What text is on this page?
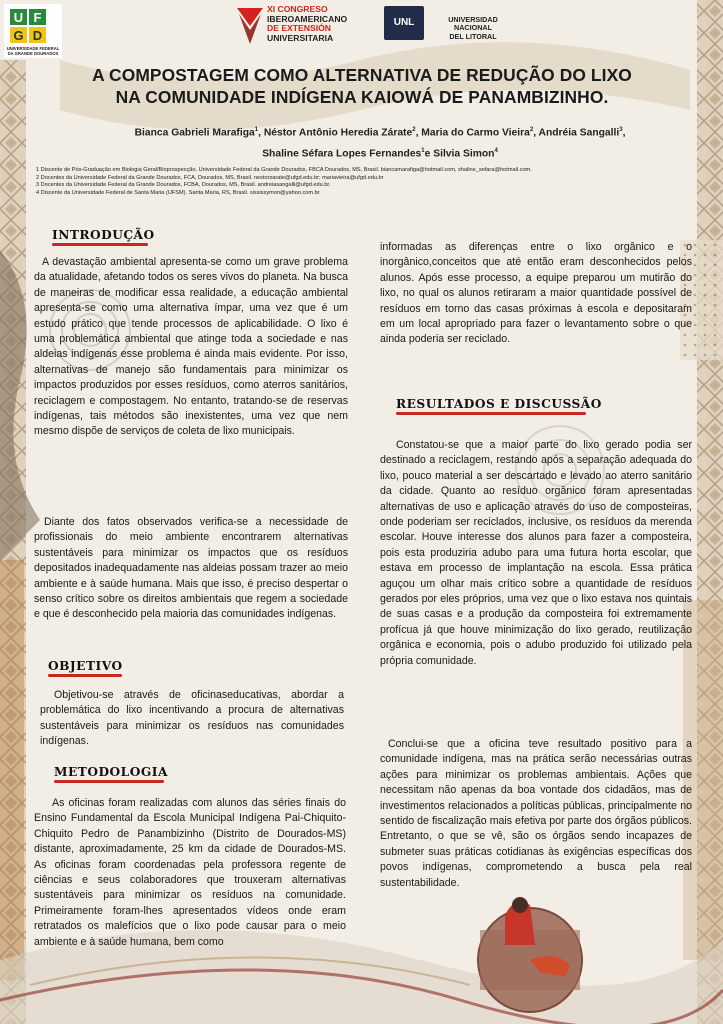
U F
G D
UNIVERSIDADE FEDERAL DA GRANDE DOURADOS
XI CONGRESO
IBEROAMERICANO
DE EXTENSIÓN
UNIVERSITARIA
UNL	UNIVERSIDAD NACIONAL
DEL LITORAL
A COMPOSTAGEM COMO ALTERNATIVA DE REDUÇÃO DO LIXO
NA COMUNIDADE INDÍGENA KAIOWÁ DE PANAMBIZINHO.
Bianca Gabrieli Marafiga$^1$, Néstor Antônio Heredia Zárate$^2$, Maria do Carmo Vieira$^2$, Andréia Sangalli$^3$,
Shaline Séfara Lopes Fernandes$^1$e Silvia Simon$^4$
1 Discente de Pós-Graduação em Biologia Geral/Bioprospecção, Universidade Federal da Grande Dourados, FBCA Dourados, MS, Brasil. biancamarafiga@hotmail.com, shaline_sefara@hotmail.com.
2 Docentes da Universidade Federal da Grande Dourados, FCA, Dourados, MS, Brasil. nestorzarate@ufgd.edu.br; mariavieira@ufgd.edu.br
3 Docentes da Universidade Federal da Grande Dourados, FCBA, Dourados, MS, Brasil. andreiasangalli@ufgd.edu.br.
4 Discente da Universidade Federal de Santa Maria (UFSM). Santa Maria, RS, Brasil. sississymon@yahoo.com.br
INTRODUÇÃO
OBJETIVO
METODOLOGIA
RESULTADOS E DISCUSSÃO

A devastação ambiental apresenta-se como um grave problema da atualidade, afetando todos os seres vivos do planeta. Na busca de maneiras de modificar essa realidade, a educação ambiental apresenta-se como uma alternativa ímpar, uma vez que é um estudo prático que tende processos de aplicabilidade. O lixo é uma problemática ambiental que atinge toda a sociedade e nas aldeias indígenas esse problema é ainda mais evidente. Por isso, alternativas de manejo são fundamentais para minimizar os impactos produzidos por esses resíduos, como aterros sanitários, reciclagem e compostagem. No entanto, tratando-se de reservas indígenas, tais métodos são inexistentes, uma vez que nem mesmo dispõe de serviços de coleta de lixo municipais.

Diante dos fatos observados verifica-se a necessidade de profissionais do meio ambiente encontrarem alternativas sustentáveis para minimizar os impactos que os resíduos depositados inadequadamente nas aldeias possam trazer ao meio ambiente e à saúde humana. Mais que isso, é preciso despertar o senso crítico sobre os direitos ambientais que regem a sociedade e que é desconhecido pela maioria das comunidades indígenas.

Objetivou-se através de oficinaseducativas, abordar a problemática do lixo incentivando a procura de alternativas sustentáveis para minimizar os resíduos nas comunidades indígenas.

As oficinas foram realizadas com alunos das séries finais do Ensino Fundamental da Escola Municipal Indígena Pai-Chiquito-Chiquito Pedro de Panambizinho (Distrito de Dourados-MS) distante, aproximadamente, 25 km da cidade de Dourados-MS. As oficinas foram coordenadas pela professora regente de ciências e seus colaboradores que trouxeram alternativas sustentáveis para minimizar os resíduos na comunidade. Primeiramente foram-lhes apresentados vídeos onde eram retratados os malefícios que o lixo pode causar para o meio ambiente e à saúde humana, bem como

informadas as diferenças entre o lixo orgânico e o inorgânico,conceitos que até então eram desconhecidos pelos alunos. Após esse processo, a equipe preparou um mutirão do lixo, no qual os alunos retiraram a maior quantidade possível de resíduos em torno das casas próximas à escola e depositaram em um local apropriado para fazer o levantamento sobre o que ainda poderia ser reciclado.

Constatou-se que a maior parte do lixo gerado podia ser destinado a reciclagem, restando após a separação adequada do lixo, pouco material a ser descartado e levado ao aterro sanitário da cidade. Quanto ao resíduo orgânico foram apresentadas alternativas de uso e aplicação através do uso de composteiras, onde poderiam ser reciclados, inclusive, os resíduos da merenda escolar. Houve interesse dos alunos para fazer a composteira, pois esta produziria adubo para uma futura horta escolar, que estava em processo de implantação na escola. Essa prática aguçou um olhar mais crítico sobre a quantidade de resíduos gerados por eles próprios, uma vez que o lixo estava nos quintais de suas casas e a produção da composteira foi extremamente profícua já que houve minimização do lixo gerado, reutilização orgânica e economia, pois o adubo produzido foi utilizado pela própria comunidade.

Conclui-se que a oficina teve resultado positivo para a comunidade indígena, mas na prática serão necessárias outras ações para minimizar os problemas ambientais. Ações que necessitam não apenas da boa vontade dos cidadãos, mas de investimentos relacionados a políticas públicas, principalmente no sentido de fiscalização mais efetiva por parte dos órgãos públicos. Entretanto, o que se vê, são os órgãos sendo incapazes de submeter suas práticas cotidianas às exigências específicas dos povos indígenas, comprometendo a busca pela real sustentabilidade.
